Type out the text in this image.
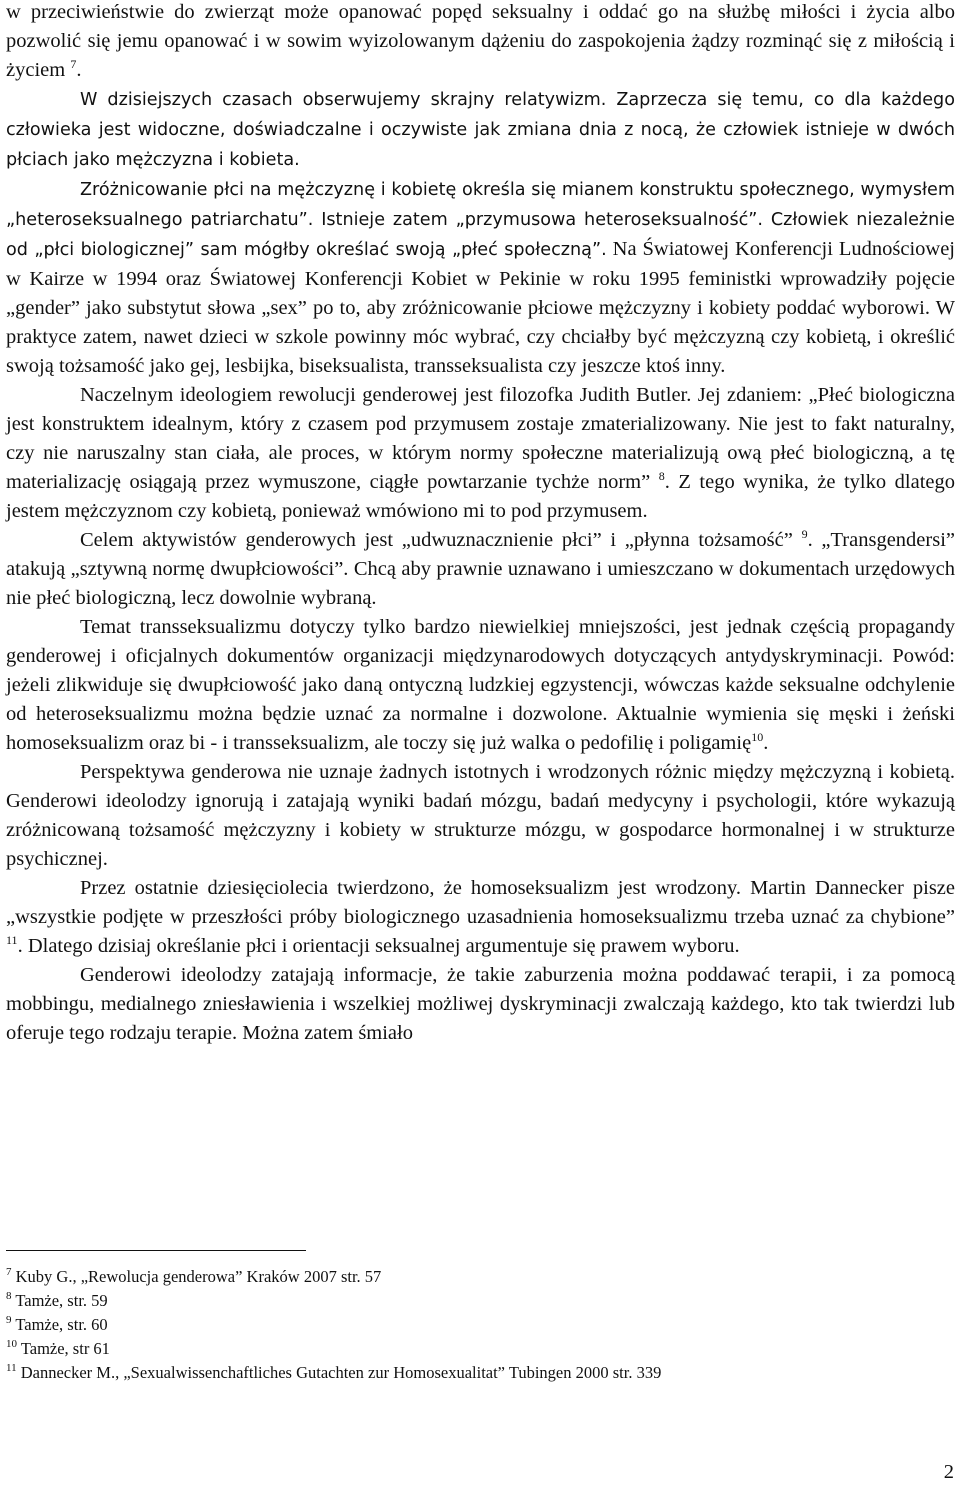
w przeciwieństwie do zwierząt może opanować popęd seksualny i oddać go na służbę miłości i życia albo pozwolić się jemu opanować i w sowim wyizolowanym dążeniu do zaspokojenia żądzy rozminąć się z miłością i życiem $^7$.

W dzisiejszych czasach obserwujemy skrajny relatywizm. Zaprzecza się temu, co dla każdego człowieka jest widoczne, doświadczalne i oczywiste jak zmiana dnia z nocą, że człowiek istnieje w dwóch płciach jako mężczyzna i kobieta.

Zróżnicowanie płci na mężczyznę i kobietę określa się mianem konstruktu społecznego, wymysłem „heteroseksualnego patriarchatu”. Istnieje zatem „przymusowa heteroseksualność”. Człowiek niezależnie od „płci biologicznej” sam mógłby określać swoją „płeć społeczną”. Na Światowej Konferencji Ludnościowej w Kairze w 1994 oraz Światowej Konferencji Kobiet w Pekinie w roku 1995 feministki wprowadziły pojęcie „gender” jako substytut słowa „sex” po to, aby zróżnicowanie płciowe mężczyzny i kobiety poddać wyborowi. W praktyce zatem, nawet dzieci w szkole powinny móc wybrać, czy chciałby być mężczyzną czy kobietą, i określić swoją tożsamość jako gej, lesbijka, biseksualista, transseksualista czy jeszcze ktoś inny.

Naczelnym ideologiem rewolucji genderowej jest filozofka Judith Butler. Jej zdaniem: „Płeć biologiczna jest konstruktem idealnym, który z czasem pod przymusem zostaje zmaterializowany. Nie jest to fakt naturalny, czy nie naruszalny stan ciała, ale proces, w którym normy społeczne materializują ową płeć biologiczną, a tę materializację osiągają przez wymuszone, ciągłe powtarzanie tychże norm” $^8$. Z tego wynika, że tylko dlatego jestem mężczyznom czy kobietą, ponieważ wmówiono mi to pod przymusem.

Celem aktywistów genderowych jest „udwuznacznienie płci” i „płynna tożsamość” $^9$. „Transgendersi” atakują „sztywną normę dwupłciowości”. Chcą aby prawnie uznawano i umieszczano w dokumentach urzędowych nie płeć biologiczną, lecz dowolnie wybraną.

Temat transseksualizmu dotyczy tylko bardzo niewielkiej mniejszości, jest jednak częścią propagandy genderowej i oficjalnych dokumentów organizacji międzynarodowych dotyczących antydyskryminacji. Powód: jeżeli zlikwiduje się dwupłciowość jako daną ontyczną ludzkiej egzystencji, wówczas każde seksualne odchylenie od heteroseksualizmu można będzie uznać za normalne i dozwolone. Aktualnie wymienia się męski i żeński homoseksualizm oraz bi - i transseksualizm, ale toczy się już walka o pedofilię i poligamię$^{10}$.

Perspektywa genderowa nie uznaje żadnych istotnych i wrodzonych różnic między mężczyzną i kobietą. Genderowi ideolodzy ignorują i zatajają wyniki badań mózgu, badań medycyny i psychologii, które wykazują zróżnicowaną tożsamość mężczyzny i kobiety w strukturze mózgu, w gospodarce hormonalnej i w strukturze psychicznej.

Przez ostatnie dziesięciolecia twierdzono, że homoseksualizm jest wrodzony. Martin Dannecker pisze „wszystkie podjęte w przeszłości próby biologicznego uzasadnienia homoseksualizmu trzeba uznać za chybione” $^{11}$. Dlatego dzisiaj określanie płci i orientacji seksualnej argumentuje się prawem wyboru.

Genderowi ideolodzy zatajają informacje, że takie zaburzenia można poddawać terapii, i za pomocą mobbingu, medialnego zniesławienia i wszelkiej możliwej dyskryminacji zwalczają każdego, kto tak twierdzi lub oferuje tego rodzaju terapie. Można zatem śmiało

$^7$ Kuby G., „Rewolucja genderowa” Kraków 2007 str. 57
$^8$ Tamże, str. 59
$^9$ Tamże, str. 60
$^{10}$ Tamże, str 61
$^{11}$ Dannecker M., „Sexualwissenchaftliches Gutachten zur Homosexualitat” Tubingen 2000 str. 339
2
